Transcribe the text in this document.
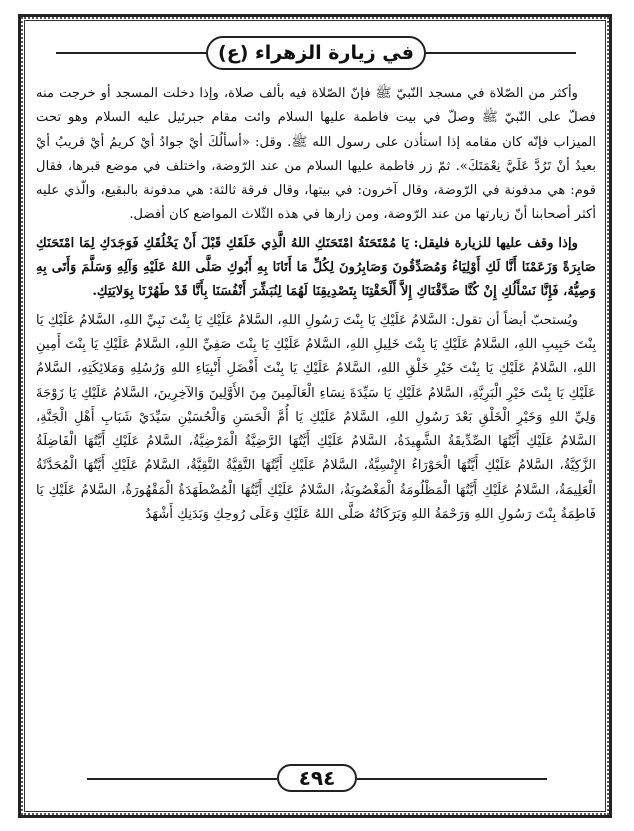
في زيارة الزهراء (ع)

وأكثر من الصّلاة في مسجد النّبيّ ﷺ فإنّ الصّلاة فيه بألف صلاة، وإذا دخلت المسجد أو خرجت منه فصلّ على النّبيّ ﷺ وصلّ في بيت فاطمة عليها السلام وائت مقام جبرئيل عليه السلام وهو تحت الميزاب فإنّه كان مقامه إذا استأذن على رسول الله ﷺ. وقل: «أسألُكَ أيْ جوادُ أيْ كريمُ أيْ قريبُ أيْ بعيدُ أنْ تَرُدَّ عَلَيَّ نِعْمَتَكَ». ثمّ زر فاطمة عليها السلام من عند الرّوضة، واختلف في موضع قبرها، فقال قوم: هي مدفونة في الرّوضة، وقال آخرون: في بيتها، وقال فرقة ثالثة: هي مدفونة بالبقيع، والّذي عليه أكثر أصحابنا أنّ زيارتها من عند الرّوضة، ومن زارها في هذه الثّلاث المواضع كان أفضل.

وإذا وقف عليها للزيارة فليقل: يَا مُمْتَحَنَةُ امْتَحَنَكِ اللهُ الَّذِي خَلَقَكِ قَبْلَ أَنْ يَخْلُقَكِ فَوَجَدَكِ لِمَا امْتَحَنَكِ صَابِرَةً وَزَعَمْنَا أَنَّا لَكِ أَوْلِيَاءُ وَمُصَدِّقُونَ وَصَابِرُونَ لِكُلِّ مَا أَتَانَا بِهِ أَبُوكِ صَلَّى اللهُ عَلَيْهِ وَآلِهِ وَسَلَّمَ وَأَتَى بِهِ وَصِيُّهُ، فَإِنَّا نَسْأَلُكِ إِنْ كُنَّا صَدَّقْنَاكِ إِلاَّ أَلْحَقْتِنَا بِتَصْدِيقِنَا لَهُمَا لِنُبَشِّرَ أَنْفُسَنَا بِأَنَّا قَدْ طَهُرْنَا بِوَلايَتِكِ.

ويُستحبّ أيضاً أن تقول: السَّلامُ عَلَيْكِ يَا بِنْتَ رَسُولِ اللهِ، السَّلامُ عَلَيْكِ يَا بِنْتَ نَبِيِّ اللهِ، السَّلامُ عَلَيْكِ يَا بِنْتَ حَبِيبِ اللهِ، السَّلامُ عَلَيْكِ يَا بِنْتَ خَلِيلِ اللهِ، السَّلامُ عَلَيْكِ يَا بِنْتَ صَفِيِّ اللهِ، السَّلامُ عَلَيْكِ يَا بِنْتَ أَمِينِ اللهِ، السَّلامُ عَلَيْكِ يَا بِنْتَ خَيْرِ خَلْقِ اللهِ، السَّلامُ عَلَيْكِ يَا بِنْتَ أَفْضَلِ أَنْبِيَاءِ اللهِ وَرُسُلِهِ وَمَلائِكَتِهِ، السَّلامُ عَلَيْكِ يَا بِنْتَ خَيْرِ الْبَرِيَّةِ، السَّلامُ عَلَيْكِ يَا سَيِّدَةَ نِسَاءِ الْعَالَمِينَ مِنَ الأَوَّلِينَ وَالآخِرِينَ، السَّلامُ عَلَيْكِ يَا زَوْجَةَ وَلِيِّ اللهِ وَخَيْرِ الْخَلْقِ بَعْدَ رَسُولِ اللهِ، السَّلامُ عَلَيْكِ يَا أُمَّ الْحَسَنِ وَالْحُسَيْنِ سَيِّدَيْ شَبَابِ أَهْلِ الْجَنَّةِ، السَّلامُ عَلَيْكِ أَيَّتُهَا الصِّدِّيقَةُ الشَّهِيدَةُ، السَّلامُ عَلَيْكِ أَيَّتُهَا الرَّضِيَّةُ الْمَرْضِيَّةُ، السَّلامُ عَلَيْكِ أَيَّتُهَا الْفَاضِلَةُ الزَّكِيَّةُ، السَّلامُ عَلَيْكِ أَيَّتُهَا الْحَوْرَاءُ الإِنْسِيَّةُ، السَّلامُ عَلَيْكِ أَيَّتُهَا التَّقِيَّةُ النَّقِيَّةُ، السَّلامُ عَلَيْكِ أَيَّتُهَا الْمُحَدَّثَةُ الْعَلِيمَةُ، السَّلامُ عَلَيْكِ أَيَّتُهَا الْمَظْلُومَةُ الْمَغْصُوبَةُ، السَّلامُ عَلَيْكِ أَيَّتُهَا الْمُضْطَهَدَةُ الْمَقْهُورَةُ، السَّلامُ عَلَيْكِ يَا فَاطِمَةُ بِنْتَ رَسُولِ اللهِ وَرَحْمَةُ اللهِ وَبَرَكَاتُهُ صَلَّى اللهُ عَلَيْكِ وَعَلَى رُوحِكِ وَبَدَنِكِ أَشْهَدُ

٤٩٤
